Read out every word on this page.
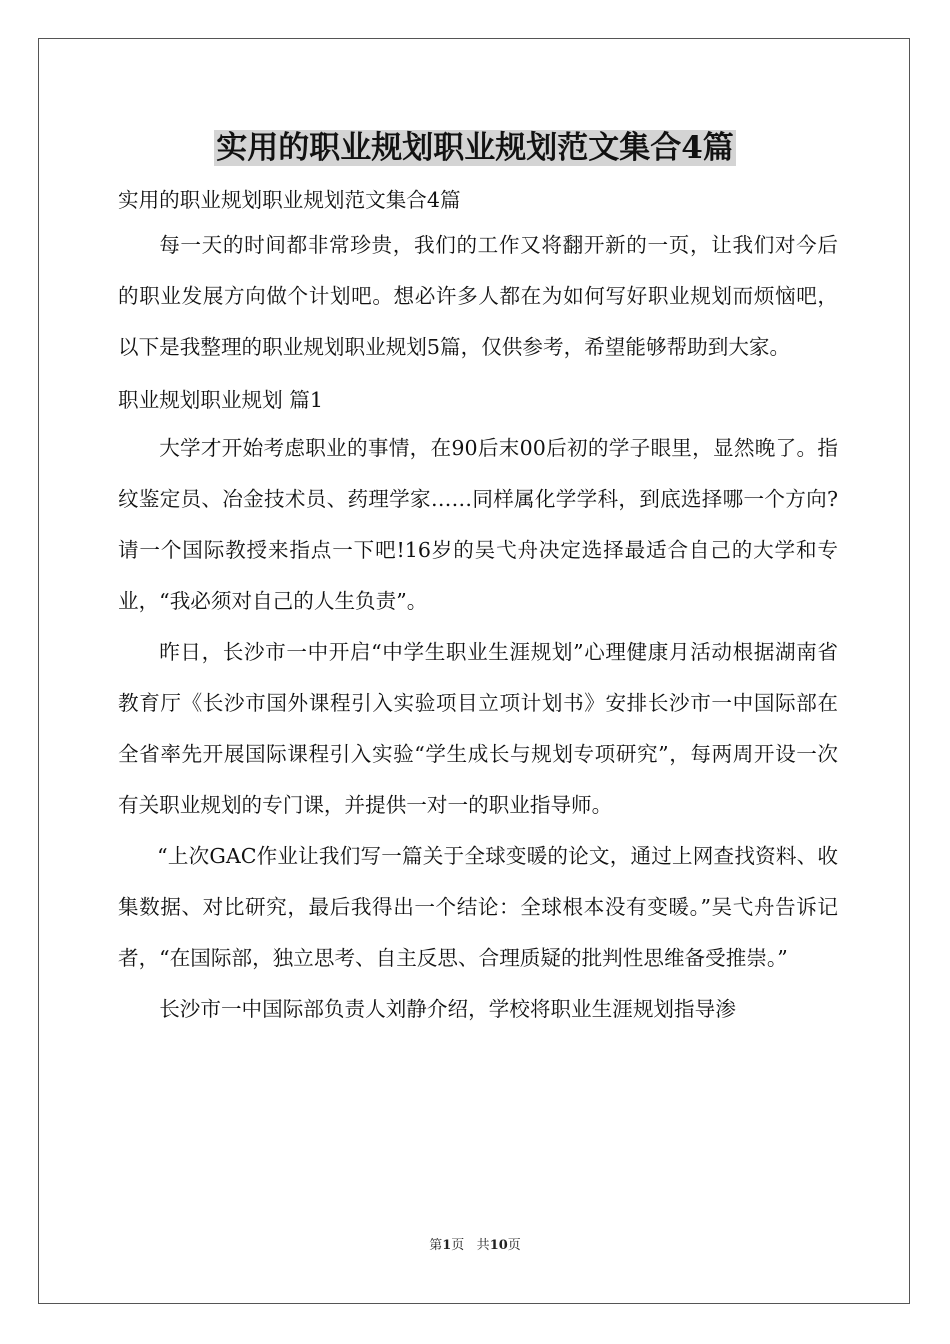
实用的职业规划职业规划范文集合4篇
实用的职业规划职业规划范文集合4篇

每一天的时间都非常珍贵，我们的工作又将翻开新的一页，让我们对今后的职业发展方向做个计划吧。想必许多人都在为如何写好职业规划而烦恼吧，以下是我整理的职业规划职业规划5篇，仅供参考，希望能够帮助到大家。

职业规划职业规划 篇1

大学才开始考虑职业的事情，在90后末00后初的学子眼里，显然晚了。指纹鉴定员、冶金技术员、药理学家……同样属化学学科，到底选择哪一个方向?请一个国际教授来指点一下吧!16岁的吴弋舟决定选择最适合自己的大学和专业，“我必须对自己的人生负责”。

昨日，长沙市一中开启“中学生职业生涯规划”心理健康月活动根据湖南省教育厅《长沙市国外课程引入实验项目立项计划书》安排长沙市一中国际部在全省率先开展国际课程引入实验“学生成长与规划专项研究”，每两周开设一次有关职业规划的专门课，并提供一对一的职业指导师。

“上次GAC作业让我们写一篇关于全球变暖的论文，通过上网查找资料、收集数据、对比研究，最后我得出一个结论：全球根本没有变暖。”吴弋舟告诉记者，“在国际部，独立思考、自主反思、合理质疑的批判性思维备受推崇。”

长沙市一中国际部负责人刘静介绍，学校将职业生涯规划指导渗

第1页 共10页
